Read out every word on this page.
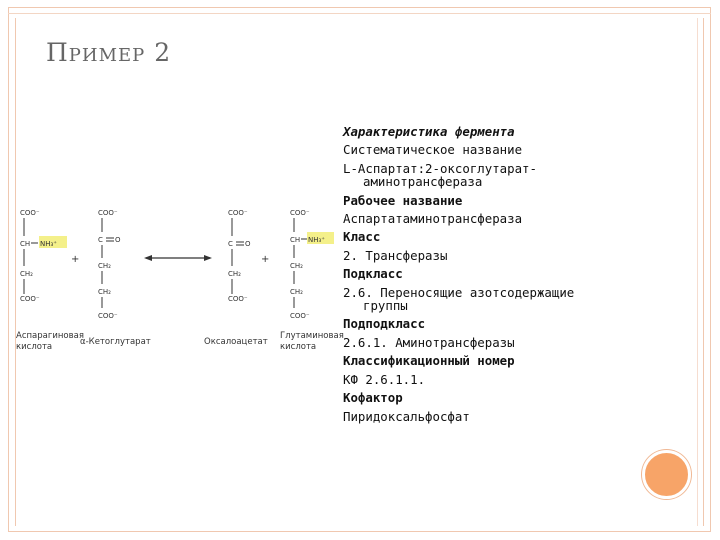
Пример 2
COO⁻
CH NH₃⁺
CH₂
COO⁻
Аспарагиновая
кислота
+
COO⁻
C O
CH₂
CH₂
COO⁻
α-Кетоглутарат
COO⁻
C O
CH₂
COO⁻
Оксалоацетат
+
COO⁻
CH NH₃⁺
CH₂
CH₂
COO⁻
Глутаминовая
кислота
Характеристика фермента
Систематическое название
L-Аспартат:2-оксоглутарат-
аминотрансфераза
Рабочее название
Аспартатаминотрансфераза
Класс
2. Трансферазы
Подкласс
2.6. Переносящие азотсодержащие
группы
Подподкласс
2.6.1. Аминотрансферазы
Классификационный номер
КФ 2.6.1.1.
Кофактор
Пиридоксальфосфат
